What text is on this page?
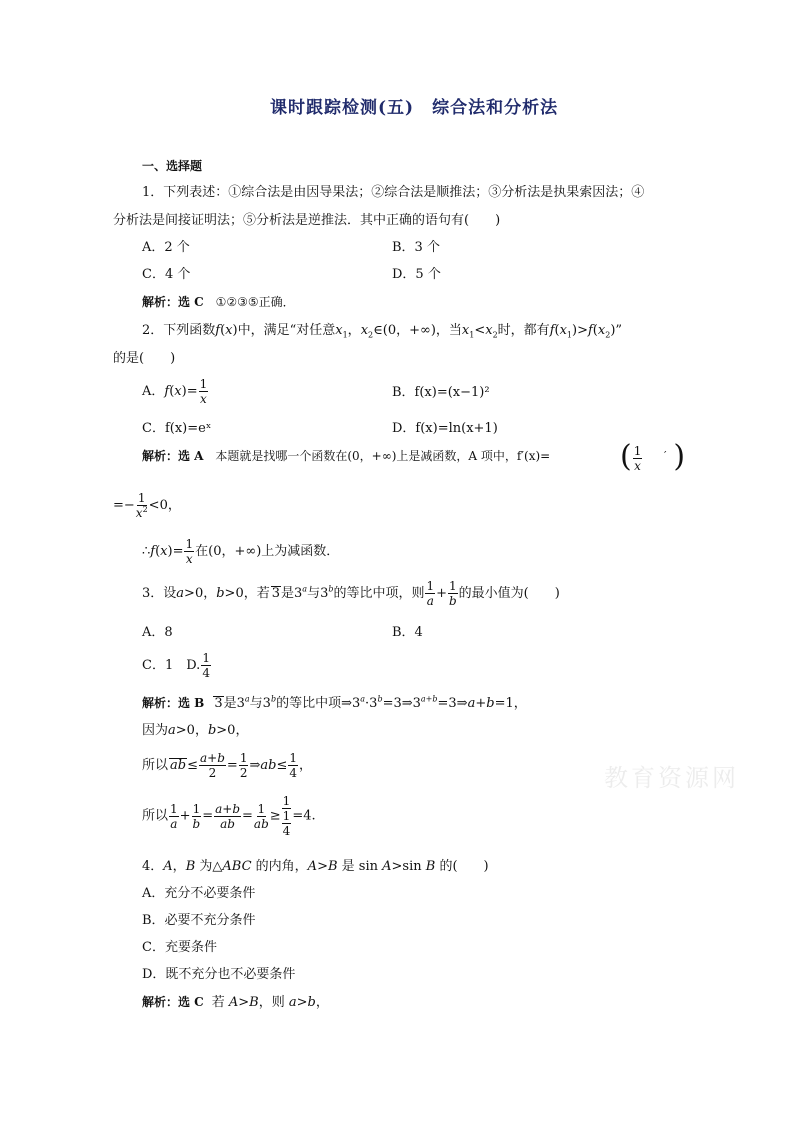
课时跟踪检测(五)　综合法和分析法
一、选择题
1．下列表述：①综合法是由因导果法；②综合法是顺推法；③分析法是执果索因法；④
分析法是间接证明法；⑤分析法是逆推法．其中正确的语句有(　　)
A．2 个	B．3 个
C．4 个	D．5 个
解析：选 C ①②③⑤正确．
2．下列函数f(x)中，满足“对任意$x_1$，$x_2\in(0$，+∞)，当$x_1<x_2$时，都有$f(x_1)>f(x_2)$”
的是(　　)
A．$f(x)= \frac{1}{x}$	B．f(x)=(x−1)²
C．f(x)=eˣ	D．f(x)=ln(x+1)
解析：选 A 本题就是找哪一个函数在(0，+∞)上是减函数，A 项中，f′(x)= ( $\frac{1}{x}$ )
′
=− $\frac{1}{x^2} <0$，
∴f(x)= $\frac{1}{x}$ 在(0，+∞)上为减函数．
3．设a>0，b>0，若 3是3$^a$与3$^b$的等比中项，则 $\frac{1}{a} + \frac{1}{b}$ 的最小值为(　　)
A．8	B．4
C．1　D. $\frac{1}{4}$
解析：选 B 3是3$^a$与3$^b$的等比中项$\Rightarrow 3^a\cdot 3^b=3\Rightarrow 3^{a+b}=3\Rightarrow a+b=1$，
因为a>0，b>0，
所以 $ab\le \frac{a+b}{2} = \frac{1}{2}$ ⇒ab≤ $\frac{1}{4}$ ，
所以 $\frac{1}{a} + \frac{1}{b} = \frac{a+b}{ab} = \frac{1}{ab} \ge \frac{1}{\frac{1}{4}} =4$.
教育资源网
4．A，B 为△ABC 的内角，A>B 是 sin A>sin B 的(　　)
A．充分不必要条件
B．必要不充分条件
C．充要条件
D．既不充分也不必要条件
解析：选 C 若 A>B，则 a>b，
